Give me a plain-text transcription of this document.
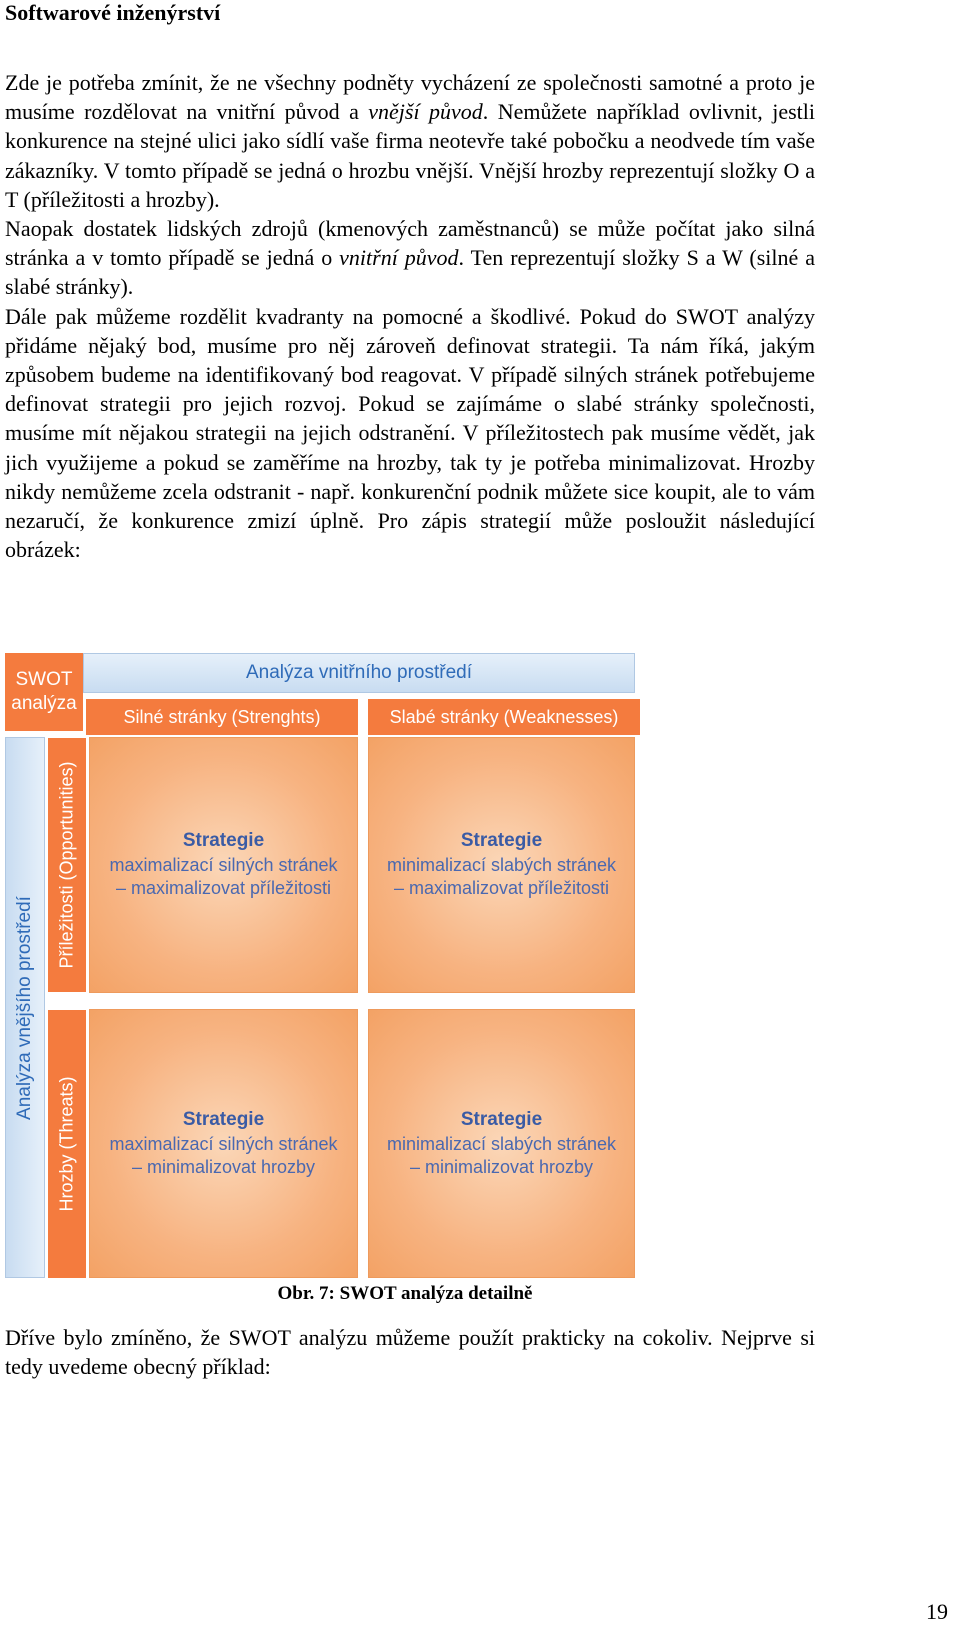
Softwarové inženýrství

Zde je potřeba zmínit, že ne všechny podněty vycházení ze společnosti samotné a proto je musíme rozdělovat na vnitřní původ a vnější původ. Nemůžete například ovlivnit, jestli konkurence na stejné ulici jako sídlí vaše firma neotevře také pobočku a neodvede tím vaše zákazníky. V tomto případě se jedná o hrozbu vnější. Vnější hrozby reprezentují složky O a T (příležitosti a hrozby).

Naopak dostatek lidských zdrojů (kmenových zaměstnanců) se může počítat jako silná stránka a v tomto případě se jedná o vnitřní původ. Ten reprezentují složky S a W (silné a slabé stránky).

Dále pak můžeme rozdělit kvadranty na pomocné a škodlivé. Pokud do SWOT analýzy přidáme nějaký bod, musíme pro něj zároveň definovat strategii. Ta nám říká, jakým způsobem budeme na identifikovaný bod reagovat. V případě silných stránek potřebujeme definovat strategii pro jejich rozvoj. Pokud se zajímáme o slabé stránky společnosti, musíme mít nějakou strategii na jejich odstranění. V příležitostech pak musíme vědět, jak jich využijeme a pokud se zaměříme na hrozby, tak ty je potřeba minimalizovat. Hrozby nikdy nemůžeme zcela odstranit - např. konkurenční podnik můžete sice koupit, ale to vám nezaručí, že konkurence zmizí úplně. Pro zápis strategií může posloužit následující obrázek:

SWOT
analýza
Analýza vnitřního prostředí
Silné stránky (Strenghts)	Slabé stránky (Weaknesses)
Analýza vnějšího prostředí
Příležitosti (Opportunities)
Hrozby (Threats)
Strategie
maximalizací silných stránek
– maximalizovat příležitosti
Strategie
minimalizací slabých stránek
– maximalizovat příležitosti
Strategie
maximalizací silných stránek
– minimalizovat hrozby
Strategie
minimalizací slabých stránek
– minimalizovat hrozby
Obr. 7: SWOT analýza detailně

Dříve bylo zmíněno, že SWOT analýzu můžeme použít prakticky na cokoliv. Nejprve si tedy uvedeme obecný příklad:

19
